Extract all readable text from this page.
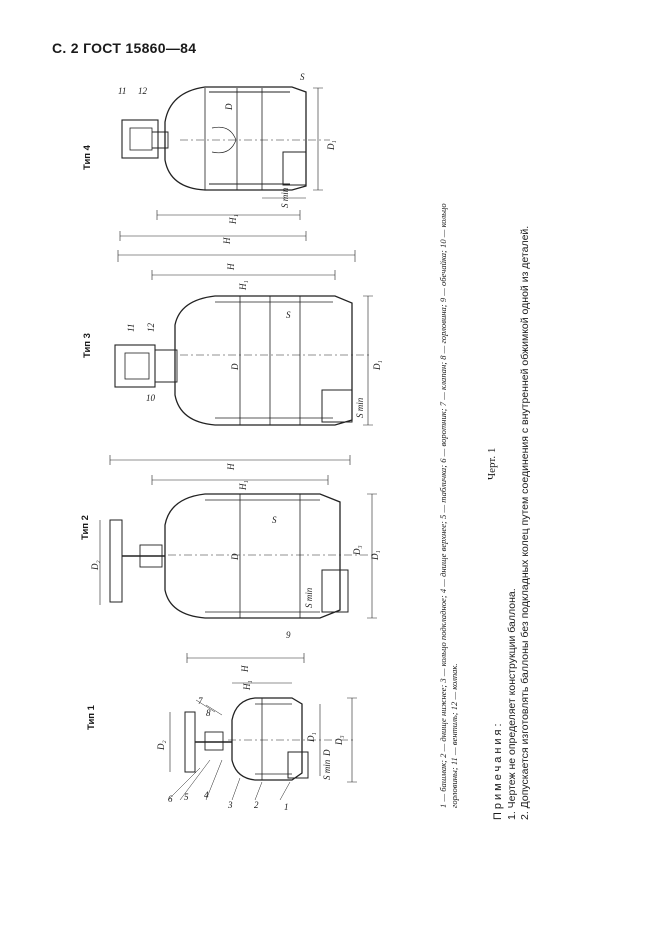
С. 2 ГОСТ 15860—84
Тип 1
Тип 2
Тип 3
Тип 4
D
D₁
H₁
H
S min
S
11 12
D	D₁
H₁
H
S min
S
10
11 12
D	D₁
D₂
D₃
H₁
H
S min
S
9
D
D₁
D₂
D₃
H₁
H
S min
1
2
3
4
5
6
7
8	1 — башмак; 2 — днище нижнее; 3 — кольцо подкладное; 4 — днище верхнее; 5 — табличка; 6 — воротник; 7 — клапан; 8 — горловина; 9 — обечайка; 10 — кольцо горловины; 11 — вентиль; 12 — колпак.
Черт. 1
Примечания: 1. Чертеж не определяет конструкции баллона. 2. Допускается изготовлять баллоны без подкладных колец путем соединения с внутренней обжимкой одной из деталей.
